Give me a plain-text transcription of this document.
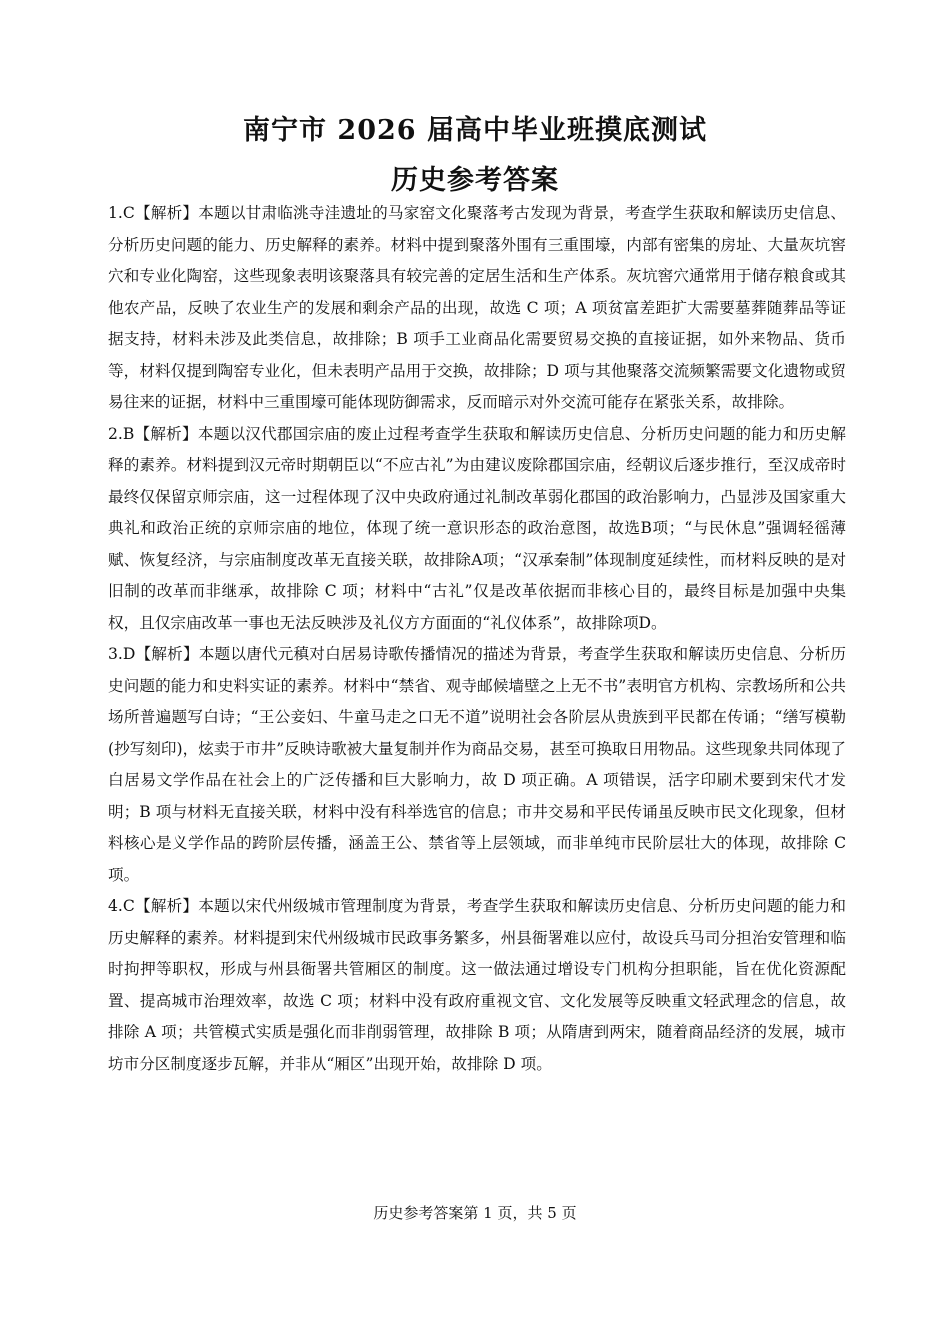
南宁市 2026 届高中毕业班摸底测试
历史参考答案

1.C【解析】本题以甘肃临洮寺洼遗址的马家窑文化聚落考古发现为背景，考查学生获取和解读历史信息、分析历史问题的能力、历史解释的素养。材料中提到聚落外围有三重围壕，内部有密集的房址、大量灰坑窖穴和专业化陶窑，这些现象表明该聚落具有较完善的定居生活和生产体系。灰坑窖穴通常用于储存粮食或其他农产品，反映了农业生产的发展和剩余产品的出现，故选 C 项；A 项贫富差距扩大需要墓葬随葬品等证据支持，材料未涉及此类信息，故排除；B 项手工业商品化需要贸易交换的直接证据，如外来物品、货币等，材料仅提到陶窑专业化，但未表明产品用于交换，故排除；D 项与其他聚落交流频繁需要文化遗物或贸易往来的证据，材料中三重围壕可能体现防御需求，反而暗示对外交流可能存在紧张关系，故排除。

2.B【解析】本题以汉代郡国宗庙的废止过程考查学生获取和解读历史信息、分析历史问题的能力和历史解释的素养。材料提到汉元帝时期朝臣以“不应古礼”为由建议废除郡国宗庙，经朝议后逐步推行，至汉成帝时最终仅保留京师宗庙，这一过程体现了汉中央政府通过礼制改革弱化郡国的政治影响力，凸显涉及国家重大典礼和政治正统的京师宗庙的地位，体现了统一意识形态的政治意图，故选B项；“与民休息”强调轻徭薄赋、恢复经济，与宗庙制度改革无直接关联，故排除A项；“汉承秦制”体现制度延续性，而材料反映的是对旧制的改革而非继承，故排除 C 项；材料中“古礼”仅是改革依据而非核心目的，最终目标是加强中央集权，且仅宗庙改革一事也无法反映涉及礼仪方方面面的“礼仪体系”，故排除项D。

3.D【解析】本题以唐代元稹对白居易诗歌传播情况的描述为背景，考查学生获取和解读历史信息、分析历史问题的能力和史料实证的素养。材料中“禁省、观寺邮候墙壁之上无不书”表明官方机构、宗教场所和公共场所普遍题写白诗；“王公妾妇、牛童马走之口无不道”说明社会各阶层从贵族到平民都在传诵；“缮写模勒(抄写刻印)，炫卖于市井”反映诗歌被大量复制并作为商品交易，甚至可换取日用物品。这些现象共同体现了白居易文学作品在社会上的广泛传播和巨大影响力，故 D 项正确。A 项错误，活字印刷术要到宋代才发明；B 项与材料无直接关联，材料中没有科举选官的信息；市井交易和平民传诵虽反映市民文化现象，但材料核心是义学作品的跨阶层传播，涵盖王公、禁省等上层领域，而非单纯市民阶层壮大的体现，故排除 C 项。

4.C【解析】本题以宋代州级城市管理制度为背景，考查学生获取和解读历史信息、分析历史问题的能力和历史解释的素养。材料提到宋代州级城市民政事务繁多，州县衙署难以应付，故设兵马司分担治安管理和临时拘押等职权，形成与州县衙署共管厢区的制度。这一做法通过增设专门机构分担职能，旨在优化资源配置、提高城市治理效率，故选 C 项；材料中没有政府重视文官、文化发展等反映重文轻武理念的信息，故排除 A 项；共管模式实质是强化而非削弱管理，故排除 B 项；从隋唐到两宋，随着商品经济的发展，城市坊市分区制度逐步瓦解，并非从“厢区”出现开始，故排除 D 项。

历史参考答案第 1 页，共 5 页
